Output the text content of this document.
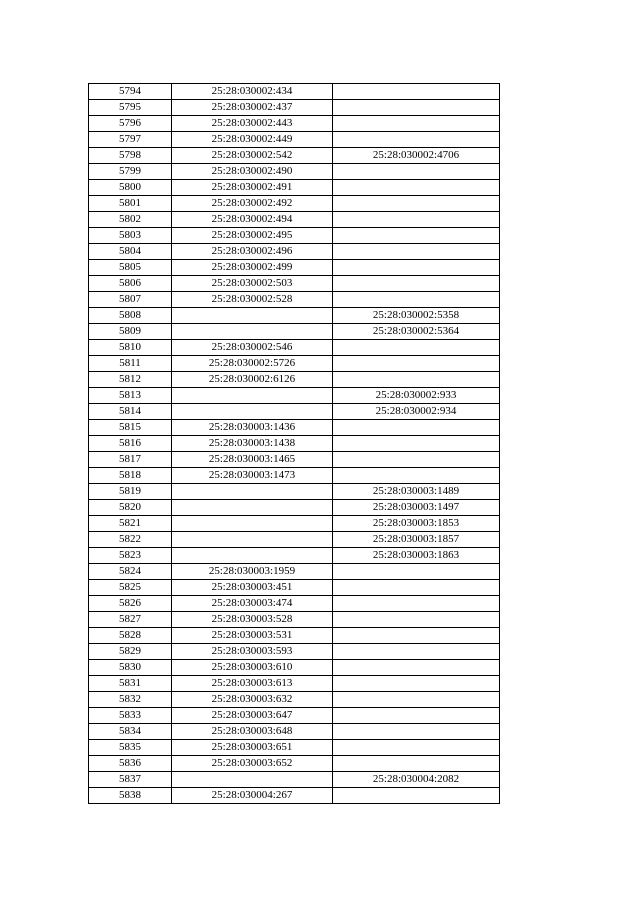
5794	25:28:030002:434	
5795	25:28:030002:437	
5796	25:28:030002:443	
5797	25:28:030002:449	
5798	25:28:030002:542	25:28:030002:4706
5799	25:28:030002:490	
5800	25:28:030002:491	
5801	25:28:030002:492	
5802	25:28:030002:494	
5803	25:28:030002:495	
5804	25:28:030002:496	
5805	25:28:030002:499	
5806	25:28:030002:503	
5807	25:28:030002:528	
5808		25:28:030002:5358
5809		25:28:030002:5364
5810	25:28:030002:546	
5811	25:28:030002:5726	
5812	25:28:030002:6126	
5813		25:28:030002:933
5814		25:28:030002:934
5815	25:28:030003:1436	
5816	25:28:030003:1438	
5817	25:28:030003:1465	
5818	25:28:030003:1473	
5819		25:28:030003:1489
5820		25:28:030003:1497
5821		25:28:030003:1853
5822		25:28:030003:1857
5823		25:28:030003:1863
5824	25:28:030003:1959	
5825	25:28:030003:451	
5826	25:28:030003:474	
5827	25:28:030003:528	
5828	25:28:030003:531	
5829	25:28:030003:593	
5830	25:28:030003:610	
5831	25:28:030003:613	
5832	25:28:030003:632	
5833	25:28:030003:647	
5834	25:28:030003:648	
5835	25:28:030003:651	
5836	25:28:030003:652	
5837		25:28:030004:2082
5838	25:28:030004:267	
